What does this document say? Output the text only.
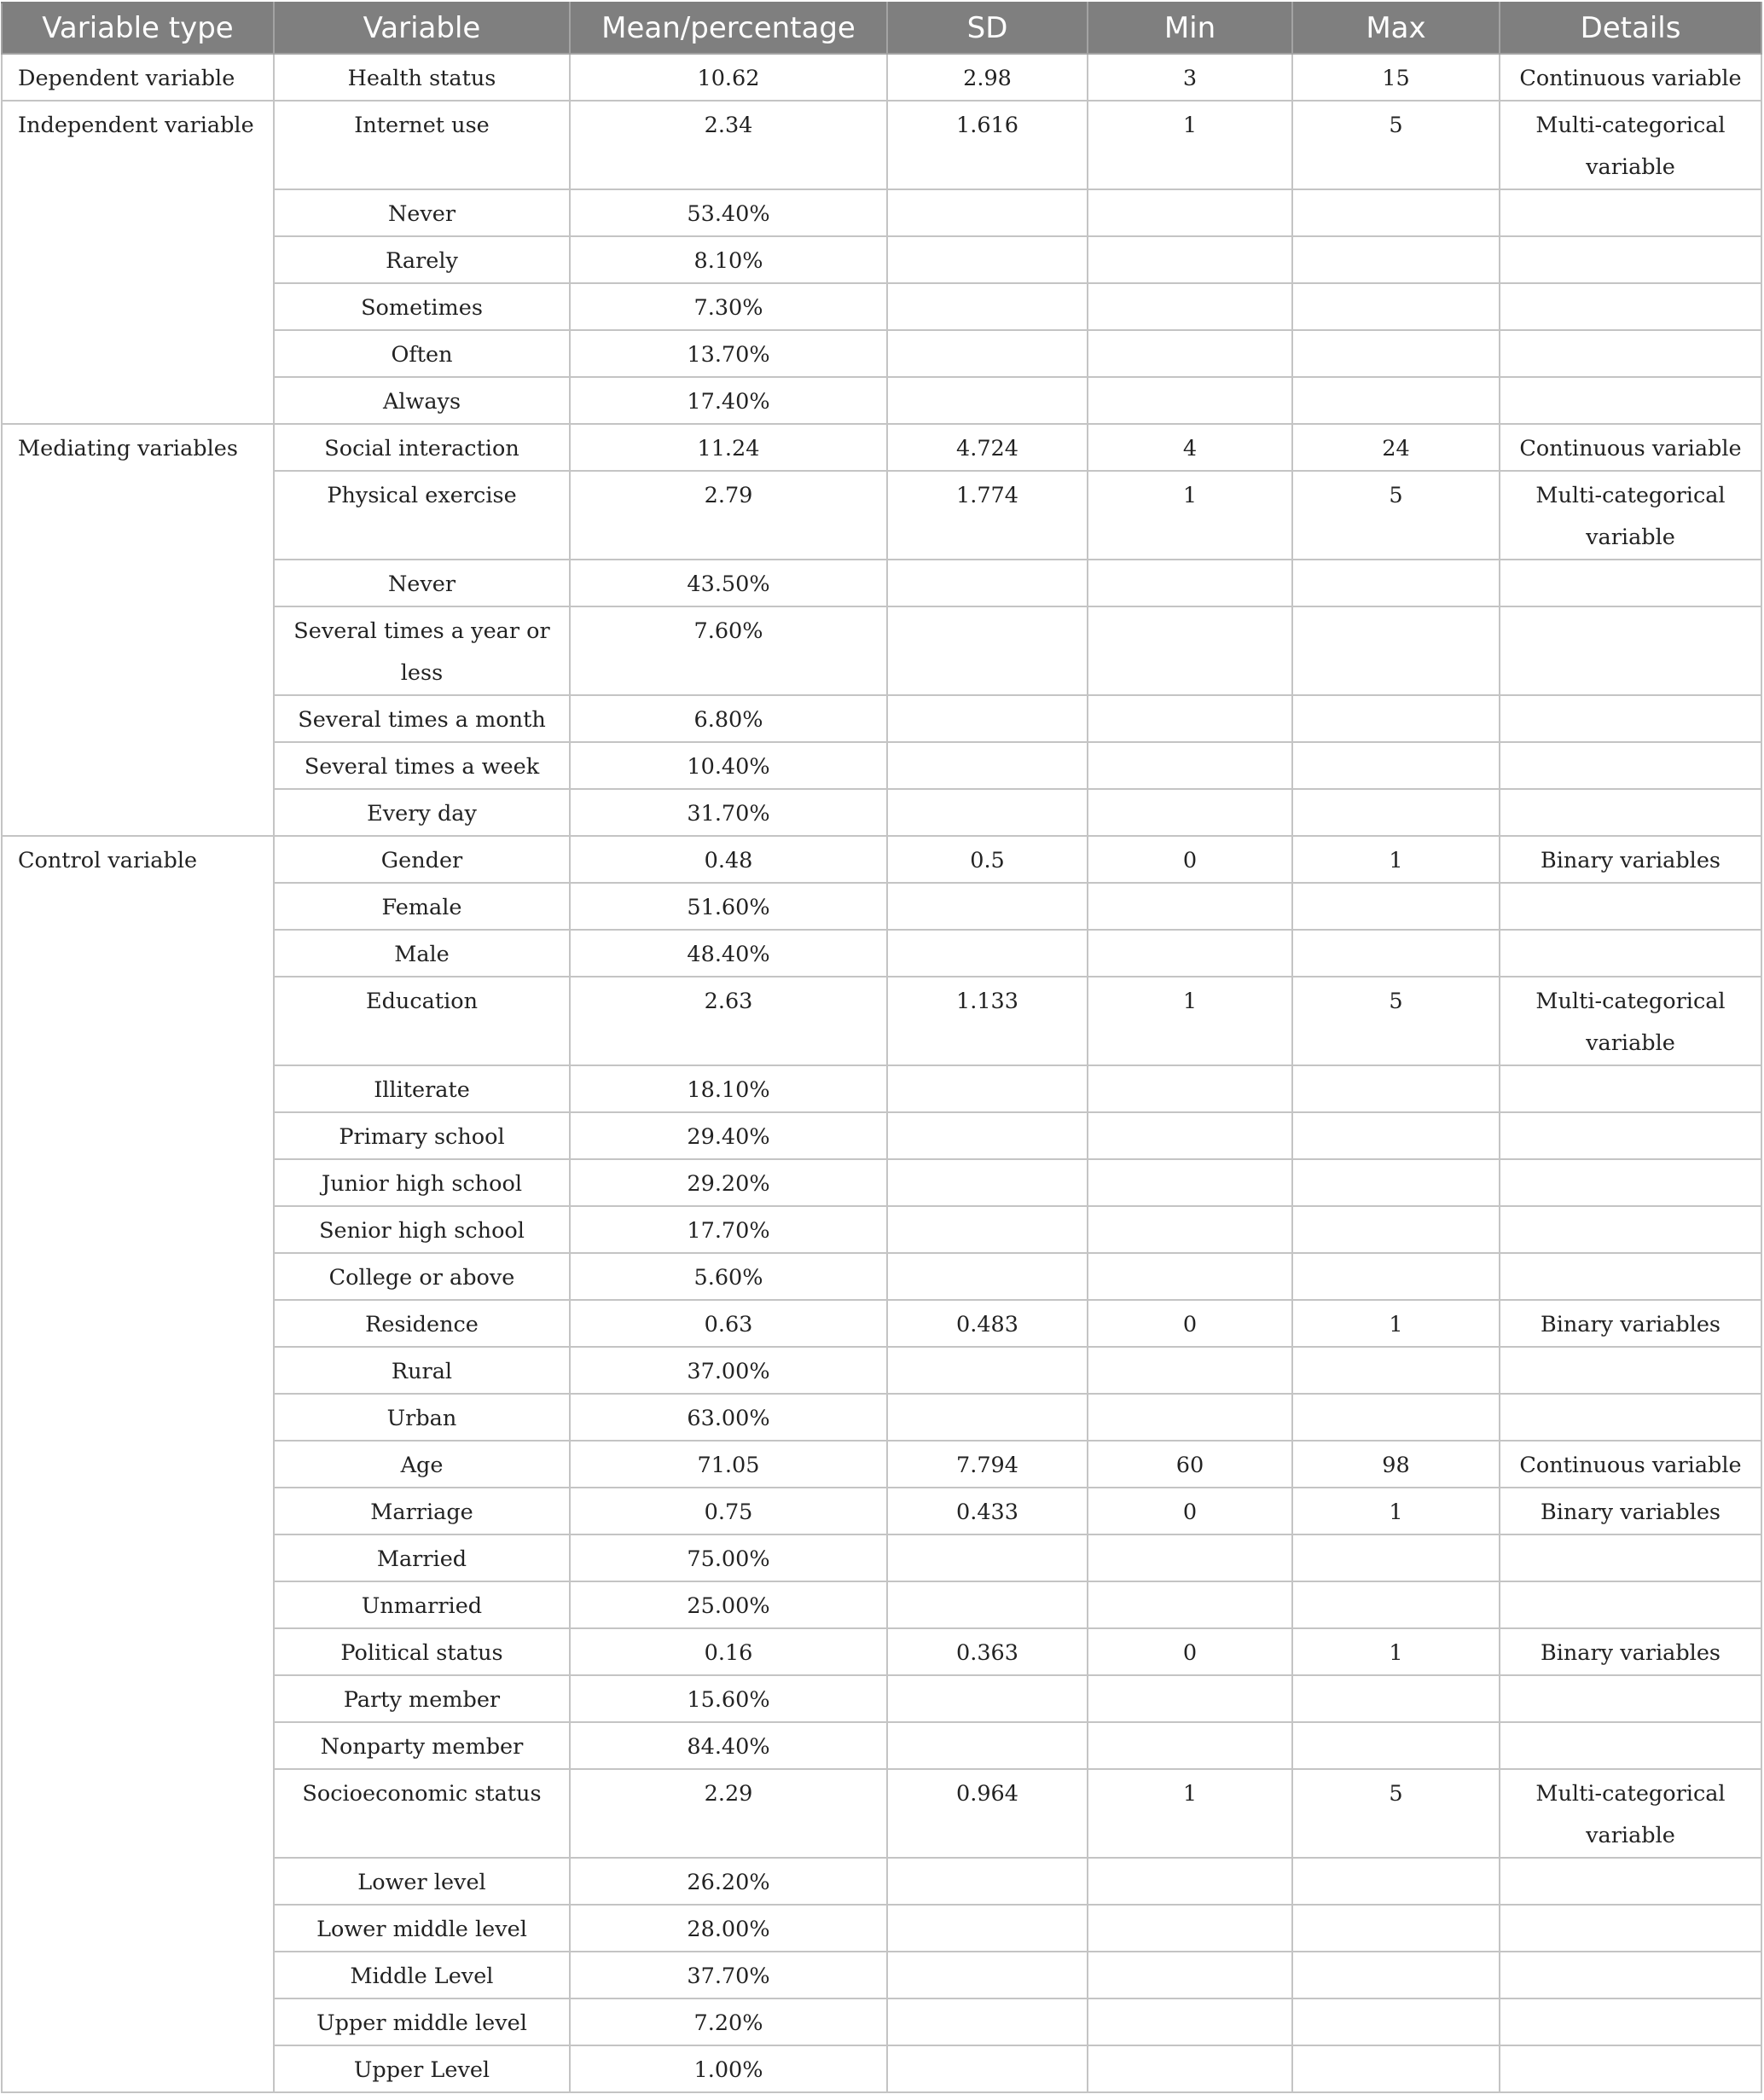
Variable type	Variable	Mean/percentage	SD	Min	Max	Details
Dependent variable	Health status	10.62	2.98	3	15	Continuous variable
Independent variable	Internet use	2.34	1.616	1	5	Multi-categorical variable
	Never	53.40%				
	Rarely	8.10%				
	Sometimes	7.30%				
	Often	13.70%				
	Always	17.40%				
Mediating variables	Social interaction	11.24	4.724	4	24	Continuous variable
	Physical exercise	2.79	1.774	1	5	Multi-categorical variable
	Never	43.50%				
	Several times a year or less	7.60%				
	Several times a month	6.80%				
	Several times a week	10.40%				
	Every day	31.70%				
Control variable	Gender	0.48	0.5	0	1	Binary variables
	Female	51.60%				
	Male	48.40%				
	Education	2.63	1.133	1	5	Multi-categorical variable
	Illiterate	18.10%				
	Primary school	29.40%				
	Junior high school	29.20%				
	Senior high school	17.70%				
	College or above	5.60%				
	Residence	0.63	0.483	0	1	Binary variables
	Rural	37.00%				
	Urban	63.00%				
	Age	71.05	7.794	60	98	Continuous variable
	Marriage	0.75	0.433	0	1	Binary variables
	Married	75.00%				
	Unmarried	25.00%				
	Political status	0.16	0.363	0	1	Binary variables
	Party member	15.60%				
	Nonparty member	84.40%				
	Socioeconomic status	2.29	0.964	1	5	Multi-categorical variable
	Lower level	26.20%				
	Lower middle level	28.00%				
	Middle Level	37.70%				
	Upper middle level	7.20%				
	Upper Level	1.00%				
